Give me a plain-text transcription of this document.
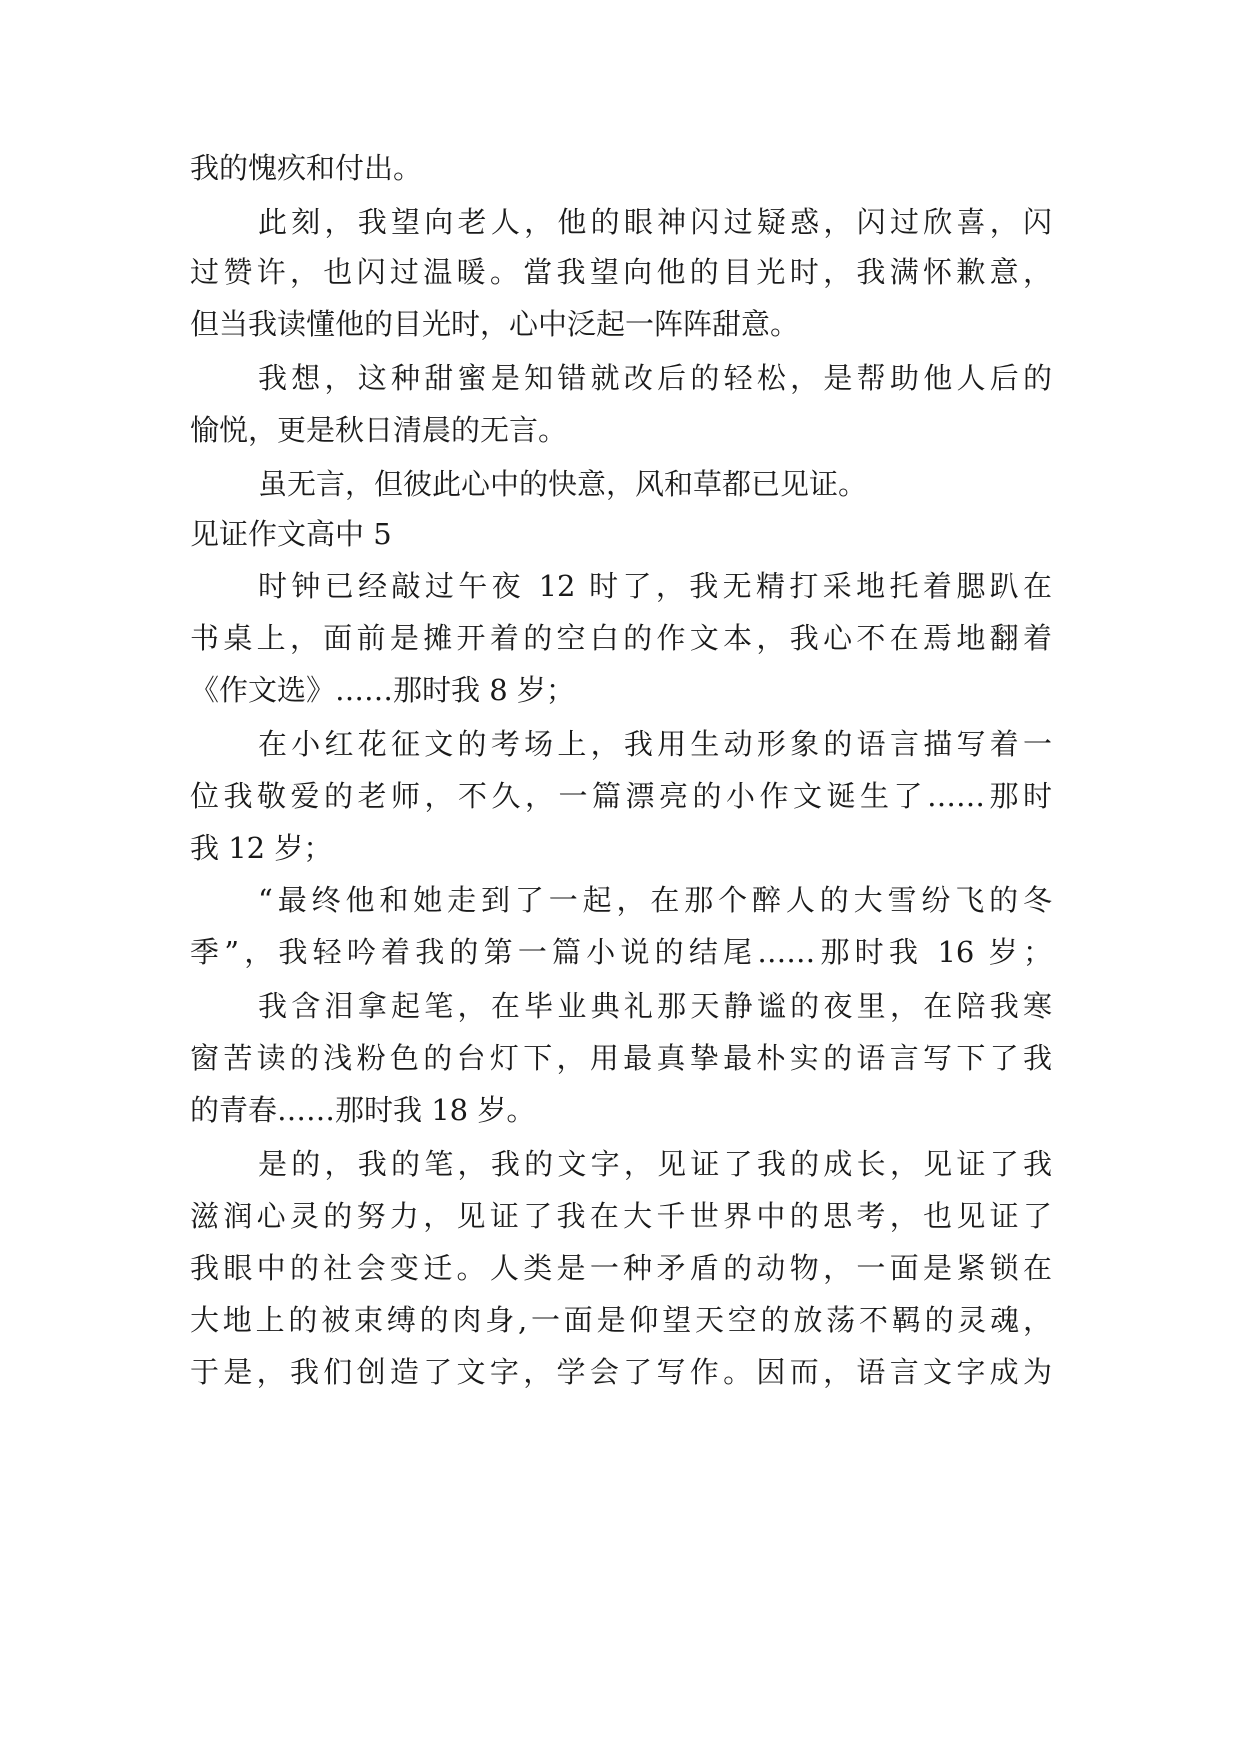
我的愧疚和付出。
此刻，我望向老人，他的眼神闪过疑惑，闪过欣喜，闪
过赞许，也闪过温暖。當我望向他的目光时，我满怀歉意，
但当我读懂他的目光时，心中泛起一阵阵甜意。
我想，这种甜蜜是知错就改后的轻松，是帮助他人后的
愉悦，更是秋日清晨的无言。
虽无言，但彼此心中的快意，风和草都已见证。
见证作文高中 5
时钟已经敲过午夜 12 时了，我无精打采地托着腮趴在
书桌上，面前是摊开着的空白的作文本，我心不在焉地翻着
《作文选》……那时我 8 岁；
在小红花征文的考场上，我用生动形象的语言描写着一
位我敬爱的老师，不久，一篇漂亮的小作文诞生了……那时
我 12 岁；
“最终他和她走到了一起，在那个醉人的大雪纷飞的冬
季”，我轻吟着我的第一篇小说的结尾……那时我 16 岁；
我含泪拿起笔，在毕业典礼那天静谧的夜里，在陪我寒
窗苦读的浅粉色的台灯下，用最真挚最朴实的语言写下了我
的青春……那时我 18 岁。
是的，我的笔，我的文字，见证了我的成长，见证了我
滋润心灵的努力，见证了我在大千世界中的思考，也见证了
我眼中的社会变迁。人类是一种矛盾的动物，一面是紧锁在
大地上的被束缚的肉身,一面是仰望天空的放荡不羁的灵魂，
于是，我们创造了文字，学会了写作。因而，语言文字成为
